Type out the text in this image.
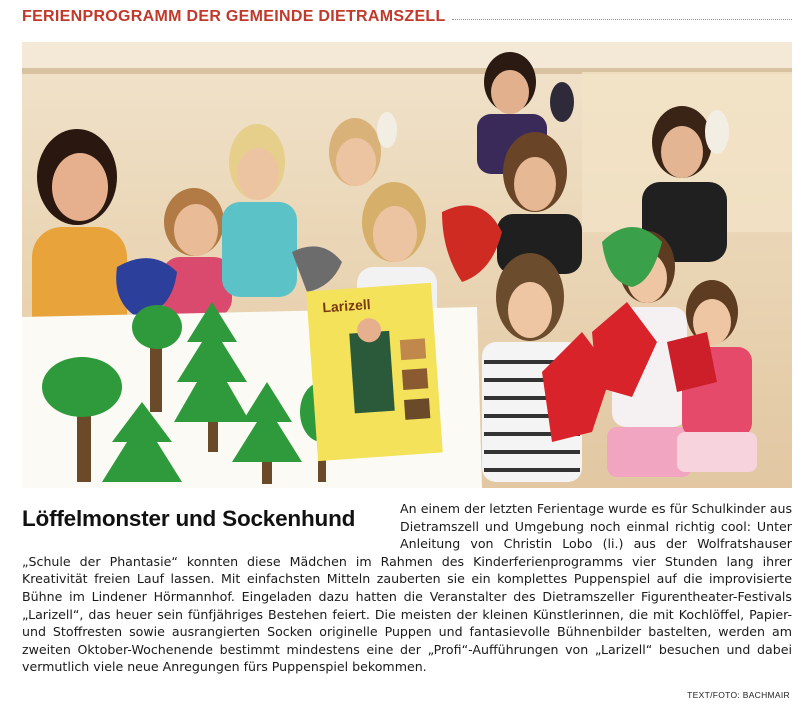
FERIENPROGRAMM DER GEMEINDE DIETRAMSZELL
Larizell
Löffelmonster und Sockenhund	An einem der letzten Ferientage wurde es für Schulkinder aus Dietramszell und Umgebung noch einmal richtig cool: Unter Anleitung von Christin Lobo (li.) aus der Wolfratshauser „Schule der Phantasie“ konnten diese Mädchen im Rahmen des Kinderferienprogramms vier Stunden lang ihrer Kreativität freien Lauf lassen. Mit einfachsten Mitteln zauberten sie ein komplettes Puppenspiel auf die improvisierte Bühne im Lindener Hörmannhof. Eingeladen dazu hatten die Veranstalter des Dietramszeller Figurentheater-Festivals „Larizell“, das heuer sein fünfjähriges Bestehen feiert. Die meisten der kleinen Künstlerinnen, die mit Kochlöffel, Papier- und Stoffresten sowie ausrangierten Socken originelle Puppen und fantasievolle Bühnenbilder bastelten, werden am zweiten Oktober-Wochenende bestimmt mindestens eine der „Profi“-Aufführungen von „Larizell“ besuchen und dabei vermutlich viele neue Anregungen fürs Puppenspiel bekommen.

TEXT/FOTO: BACHMAIR
